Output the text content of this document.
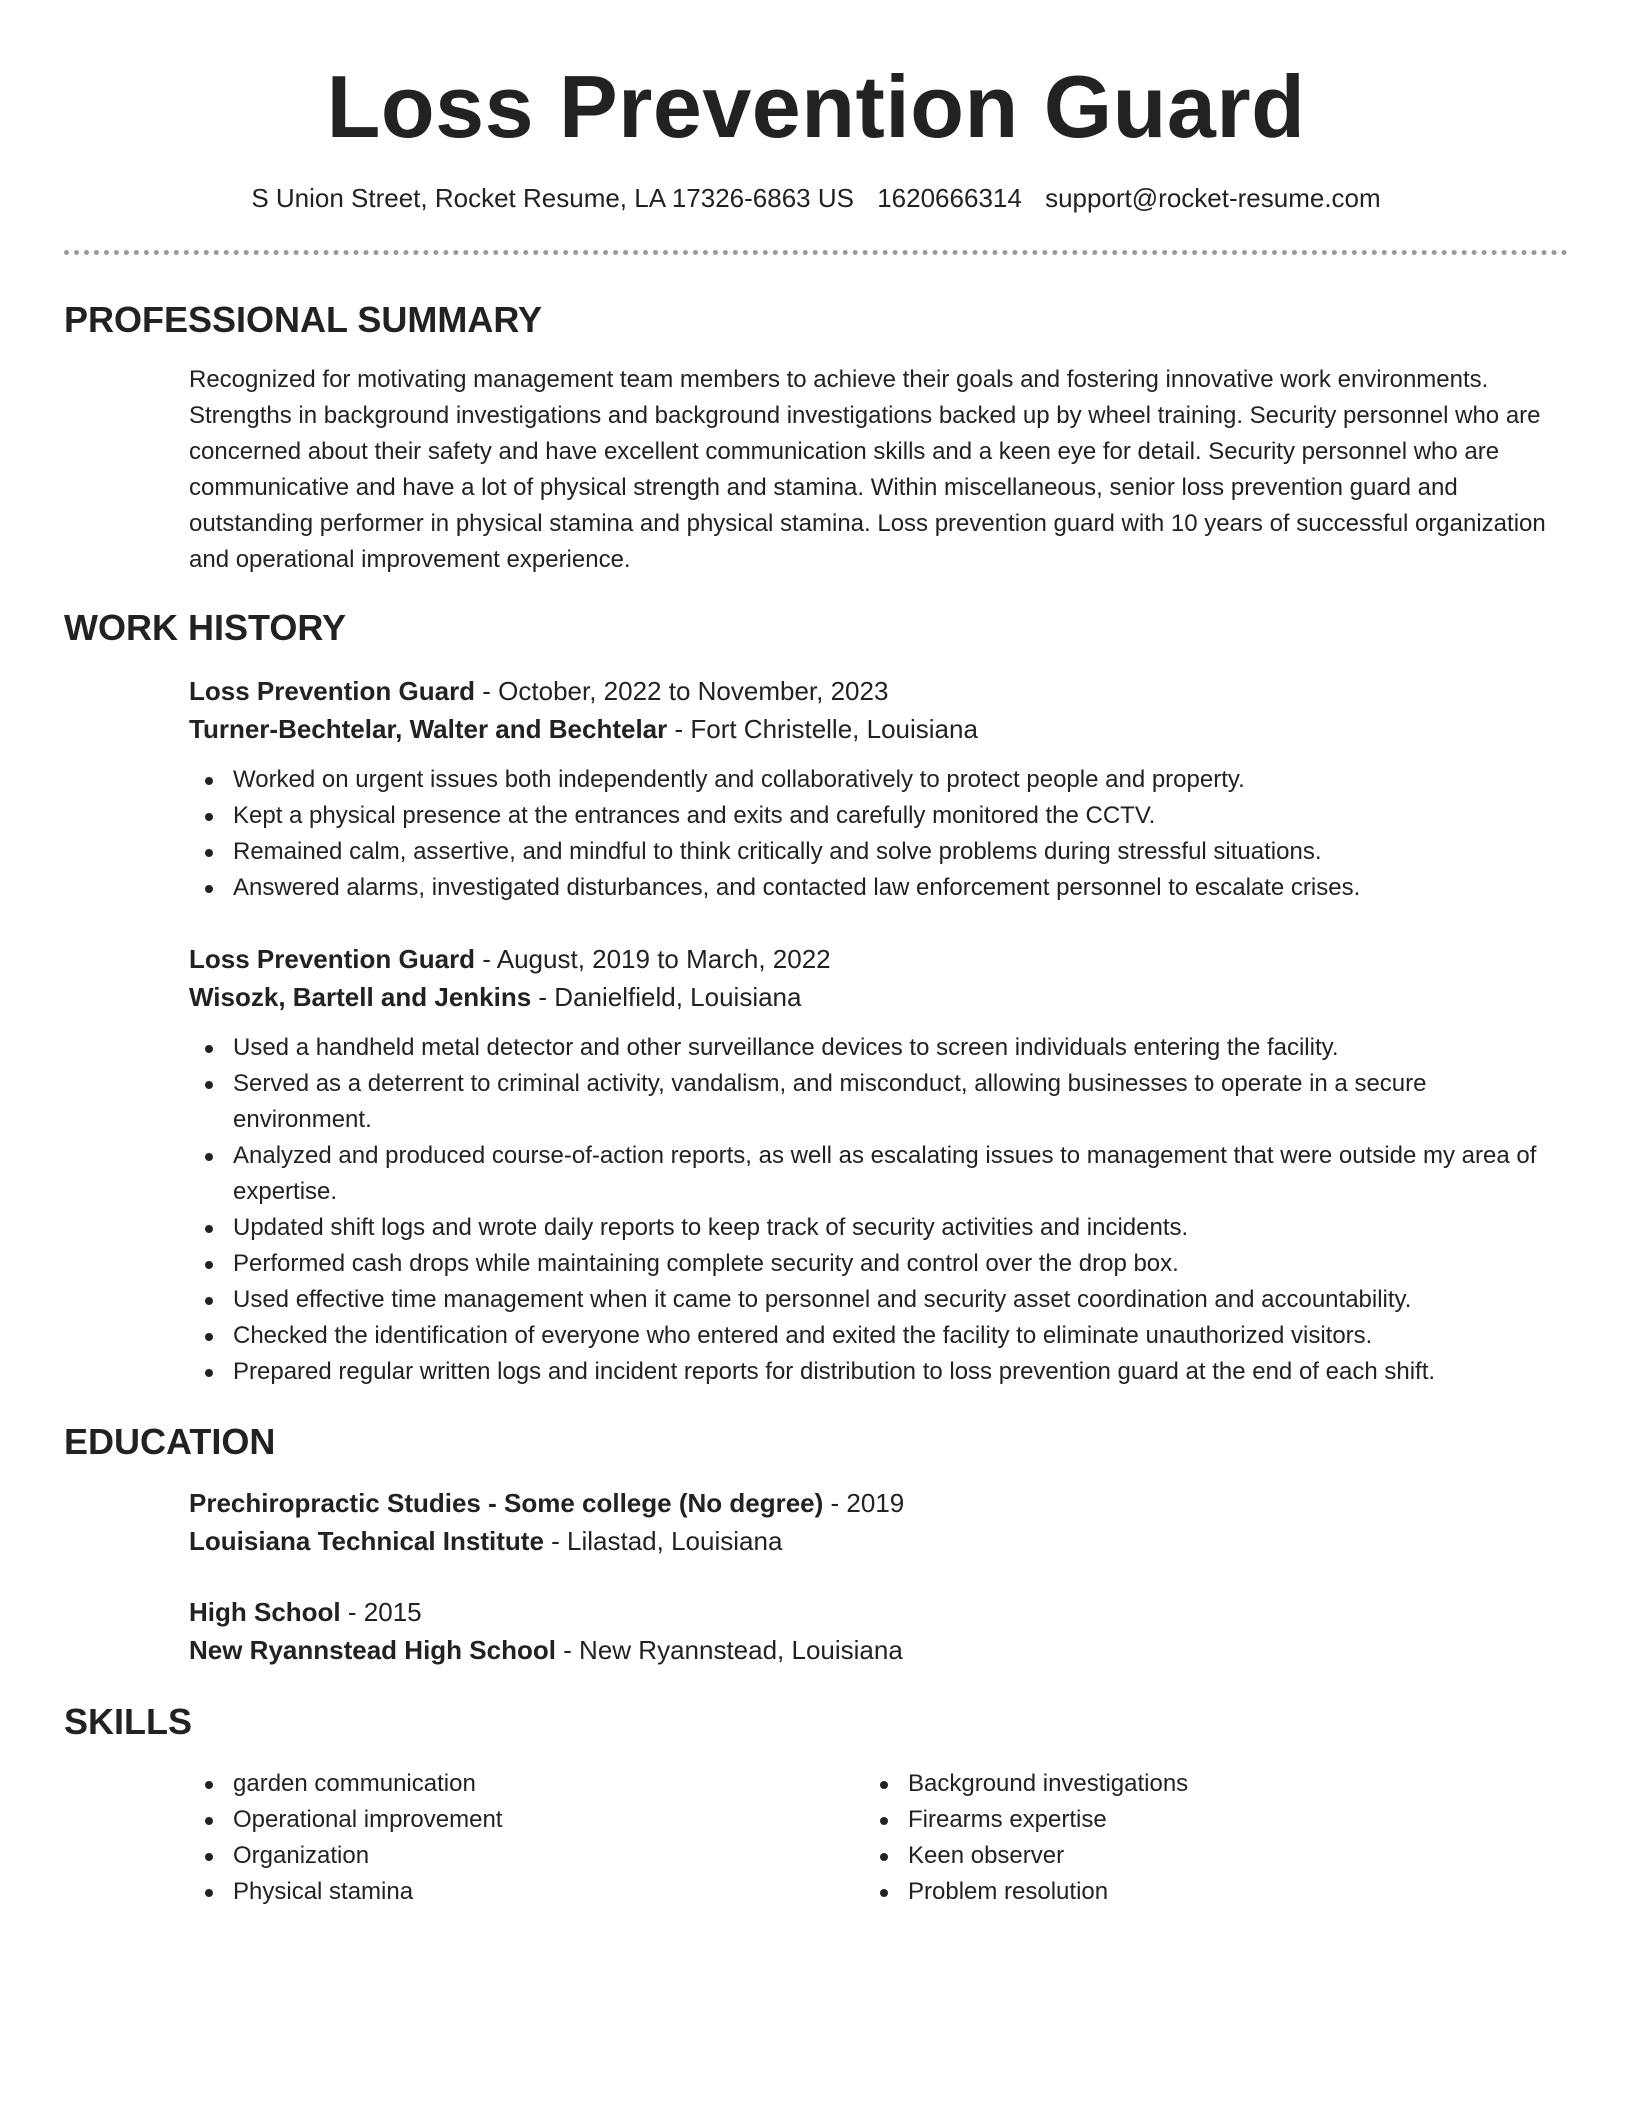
Loss Prevention Guard
S Union Street, Rocket Resume, LA 17326-6863 US 1620666314 support@rocket-resume.com
PROFESSIONAL SUMMARY

Recognized for motivating management team members to achieve their goals and fostering innovative work environments. Strengths in background investigations and background investigations backed up by wheel training. Security personnel who are concerned about their safety and have excellent communication skills and a keen eye for detail. Security personnel who are communicative and have a lot of physical strength and stamina. Within miscellaneous, senior loss prevention guard and outstanding performer in physical stamina and physical stamina. Loss prevention guard with 10 years of successful organization and operational improvement experience.

WORK HISTORY

Loss Prevention Guard - October, 2022 to November, 2023

Turner-Bechtelar, Walter and Bechtelar - Fort Christelle, Louisiana

Worked on urgent issues both independently and collaboratively to protect people and property.
Kept a physical presence at the entrances and exits and carefully monitored the CCTV.
Remained calm, assertive, and mindful to think critically and solve problems during stressful situations.
Answered alarms, investigated disturbances, and contacted law enforcement personnel to escalate crises.

Loss Prevention Guard - August, 2019 to March, 2022

Wisozk, Bartell and Jenkins - Danielfield, Louisiana

Used a handheld metal detector and other surveillance devices to screen individuals entering the facility.
Served as a deterrent to criminal activity, vandalism, and misconduct, allowing businesses to operate in a secure environment.
Analyzed and produced course-of-action reports, as well as escalating issues to management that were outside my area of expertise.
Updated shift logs and wrote daily reports to keep track of security activities and incidents.
Performed cash drops while maintaining complete security and control over the drop box.
Used effective time management when it came to personnel and security asset coordination and accountability.
Checked the identification of everyone who entered and exited the facility to eliminate unauthorized visitors.
Prepared regular written logs and incident reports for distribution to loss prevention guard at the end of each shift.
EDUCATION

Prechiropractic Studies - Some college (No degree) - 2019

Louisiana Technical Institute - Lilastad, Louisiana

High School - 2015

New Ryannstead High School - New Ryannstead, Louisiana

SKILLS
garden communication
Operational improvement
Organization
Physical stamina
Background investigations
Firearms expertise
Keen observer
Problem resolution
